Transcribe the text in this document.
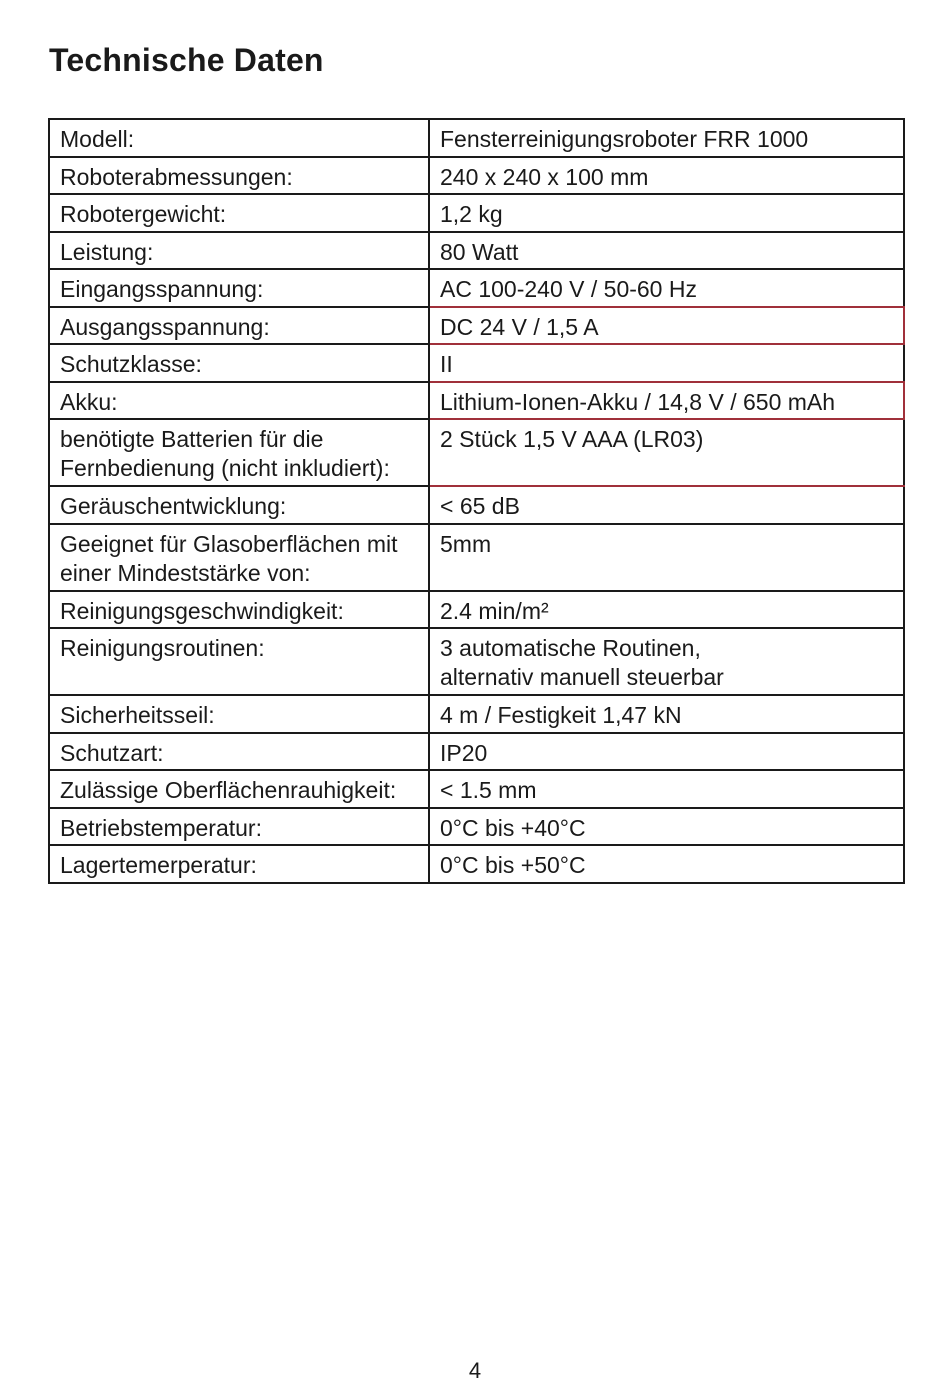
Technische Daten
Modell:	Fensterreinigungsroboter FRR 1000
Roboterabmessungen:	240 x 240 x 100 mm
Robotergewicht:	1,2 kg
Leistung:	80 Watt
Eingangsspannung:	AC 100-240 V / 50-60 Hz
Ausgangsspannung:	DC 24 V / 1,5 A
Schutzklasse:	II
Akku:	Lithium-Ionen-Akku / 14,8 V / 650 mAh

benötigte Batterien für die
Fernbedienung (nicht inkludiert):	2 Stück 1,5 V AAA (LR03)

Geräuschentwicklung:	< 65 dB

Geeignet für Glasoberflächen mit
einer Mindeststärke von:	5mm

Reinigungsgeschwindigkeit:	2.4 min/m²

Reinigungsroutinen:	3 automatische Routinen,
alternativ manuell steuerbar

Sicherheitsseil:	4 m / Festigkeit 1,47 kN
Schutzart:	IP20
Zulässige Oberflächenrauhigkeit:	< 1.5 mm
Betriebstemperatur:	0°C bis +40°C
Lagertemerperatur:	0°C bis +50°C
4
